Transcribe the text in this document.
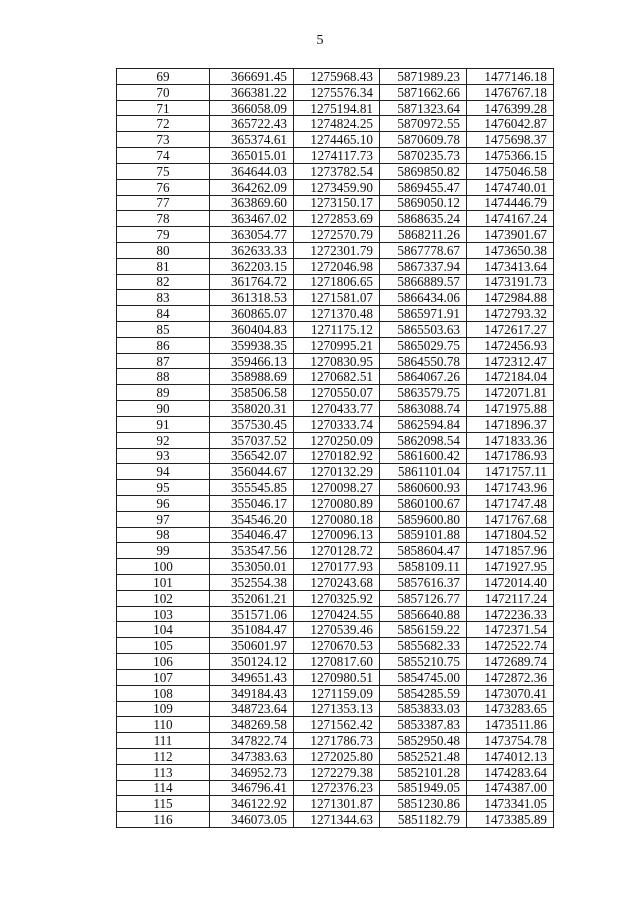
5
69	366691.45	1275968.43	5871989.23	1477146.18
70	366381.22	1275576.34	5871662.66	1476767.18
71	366058.09	1275194.81	5871323.64	1476399.28
72	365722.43	1274824.25	5870972.55	1476042.87
73	365374.61	1274465.10	5870609.78	1475698.37
74	365015.01	1274117.73	5870235.73	1475366.15
75	364644.03	1273782.54	5869850.82	1475046.58
76	364262.09	1273459.90	5869455.47	1474740.01
77	363869.60	1273150.17	5869050.12	1474446.79
78	363467.02	1272853.69	5868635.24	1474167.24
79	363054.77	1272570.79	5868211.26	1473901.67
80	362633.33	1272301.79	5867778.67	1473650.38
81	362203.15	1272046.98	5867337.94	1473413.64
82	361764.72	1271806.65	5866889.57	1473191.73
83	361318.53	1271581.07	5866434.06	1472984.88
84	360865.07	1271370.48	5865971.91	1472793.32
85	360404.83	1271175.12	5865503.63	1472617.27
86	359938.35	1270995.21	5865029.75	1472456.93
87	359466.13	1270830.95	5864550.78	1472312.47
88	358988.69	1270682.51	5864067.26	1472184.04
89	358506.58	1270550.07	5863579.75	1472071.81
90	358020.31	1270433.77	5863088.74	1471975.88
91	357530.45	1270333.74	5862594.84	1471896.37
92	357037.52	1270250.09	5862098.54	1471833.36
93	356542.07	1270182.92	5861600.42	1471786.93
94	356044.67	1270132.29	5861101.04	1471757.11
95	355545.85	1270098.27	5860600.93	1471743.96
96	355046.17	1270080.89	5860100.67	1471747.48
97	354546.20	1270080.18	5859600.80	1471767.68
98	354046.47	1270096.13	5859101.88	1471804.52
99	353547.56	1270128.72	5858604.47	1471857.96
100	353050.01	1270177.93	5858109.11	1471927.95
101	352554.38	1270243.68	5857616.37	1472014.40
102	352061.21	1270325.92	5857126.77	1472117.24
103	351571.06	1270424.55	5856640.88	1472236.33
104	351084.47	1270539.46	5856159.22	1472371.54
105	350601.97	1270670.53	5855682.33	1472522.74
106	350124.12	1270817.60	5855210.75	1472689.74
107	349651.43	1270980.51	5854745.00	1472872.36
108	349184.43	1271159.09	5854285.59	1473070.41
109	348723.64	1271353.13	5853833.03	1473283.65
110	348269.58	1271562.42	5853387.83	1473511.86
111	347822.74	1271786.73	5852950.48	1473754.78
112	347383.63	1272025.80	5852521.48	1474012.13
113	346952.73	1272279.38	5852101.28	1474283.64
114	346796.41	1272376.23	5851949.05	1474387.00
115	346122.92	1271301.87	5851230.86	1473341.05
116	346073.05	1271344.63	5851182.79	1473385.89
